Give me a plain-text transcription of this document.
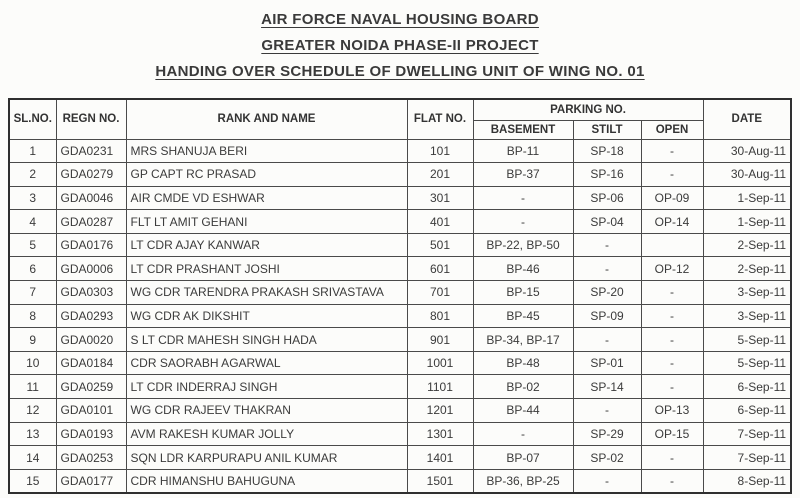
AIR FORCE NAVAL HOUSING BOARD
GREATER NOIDA PHASE-II PROJECT
HANDING OVER SCHEDULE OF DWELLING UNIT OF WING NO. 01
SL.NO.	REGN NO.	RANK AND NAME	FLAT NO.	PARKING NO.			DATE
				BASEMENT	STILT	OPEN	
1	GDA0231	MRS SHANUJA BERI	101	BP-11	SP-18	-	30-Aug-11
2	GDA0279	GP CAPT RC PRASAD	201	BP-37	SP-16	-	30-Aug-11
3	GDA0046	AIR CMDE VD ESHWAR	301	-	SP-06	OP-09	1-Sep-11
4	GDA0287	FLT LT AMIT GEHANI	401	-	SP-04	OP-14	1-Sep-11
5	GDA0176	LT CDR AJAY KANWAR	501	BP-22, BP-50	-		2-Sep-11
6	GDA0006	LT CDR PRASHANT JOSHI	601	BP-46	-	OP-12	2-Sep-11
7	GDA0303	WG CDR TARENDRA PRAKASH SRIVASTAVA	701	BP-15	SP-20	-	3-Sep-11
8	GDA0293	WG CDR AK DIKSHIT	801	BP-45	SP-09	-	3-Sep-11
9	GDA0020	S LT CDR MAHESH SINGH HADA	901	BP-34, BP-17	-	-	5-Sep-11
10	GDA0184	CDR SAORABH AGARWAL	1001	BP-48	SP-01	-	5-Sep-11
11	GDA0259	LT CDR INDERRAJ SINGH	1101	BP-02	SP-14	-	6-Sep-11
12	GDA0101	WG CDR RAJEEV THAKRAN	1201	BP-44	-	OP-13	6-Sep-11
13	GDA0193	AVM RAKESH KUMAR JOLLY	1301	-	SP-29	OP-15	7-Sep-11
14	GDA0253	SQN LDR KARPURAPU ANIL KUMAR	1401	BP-07	SP-02	-	7-Sep-11
15	GDA0177	CDR HIMANSHU BAHUGUNA	1501	BP-36, BP-25	-	-	8-Sep-11
